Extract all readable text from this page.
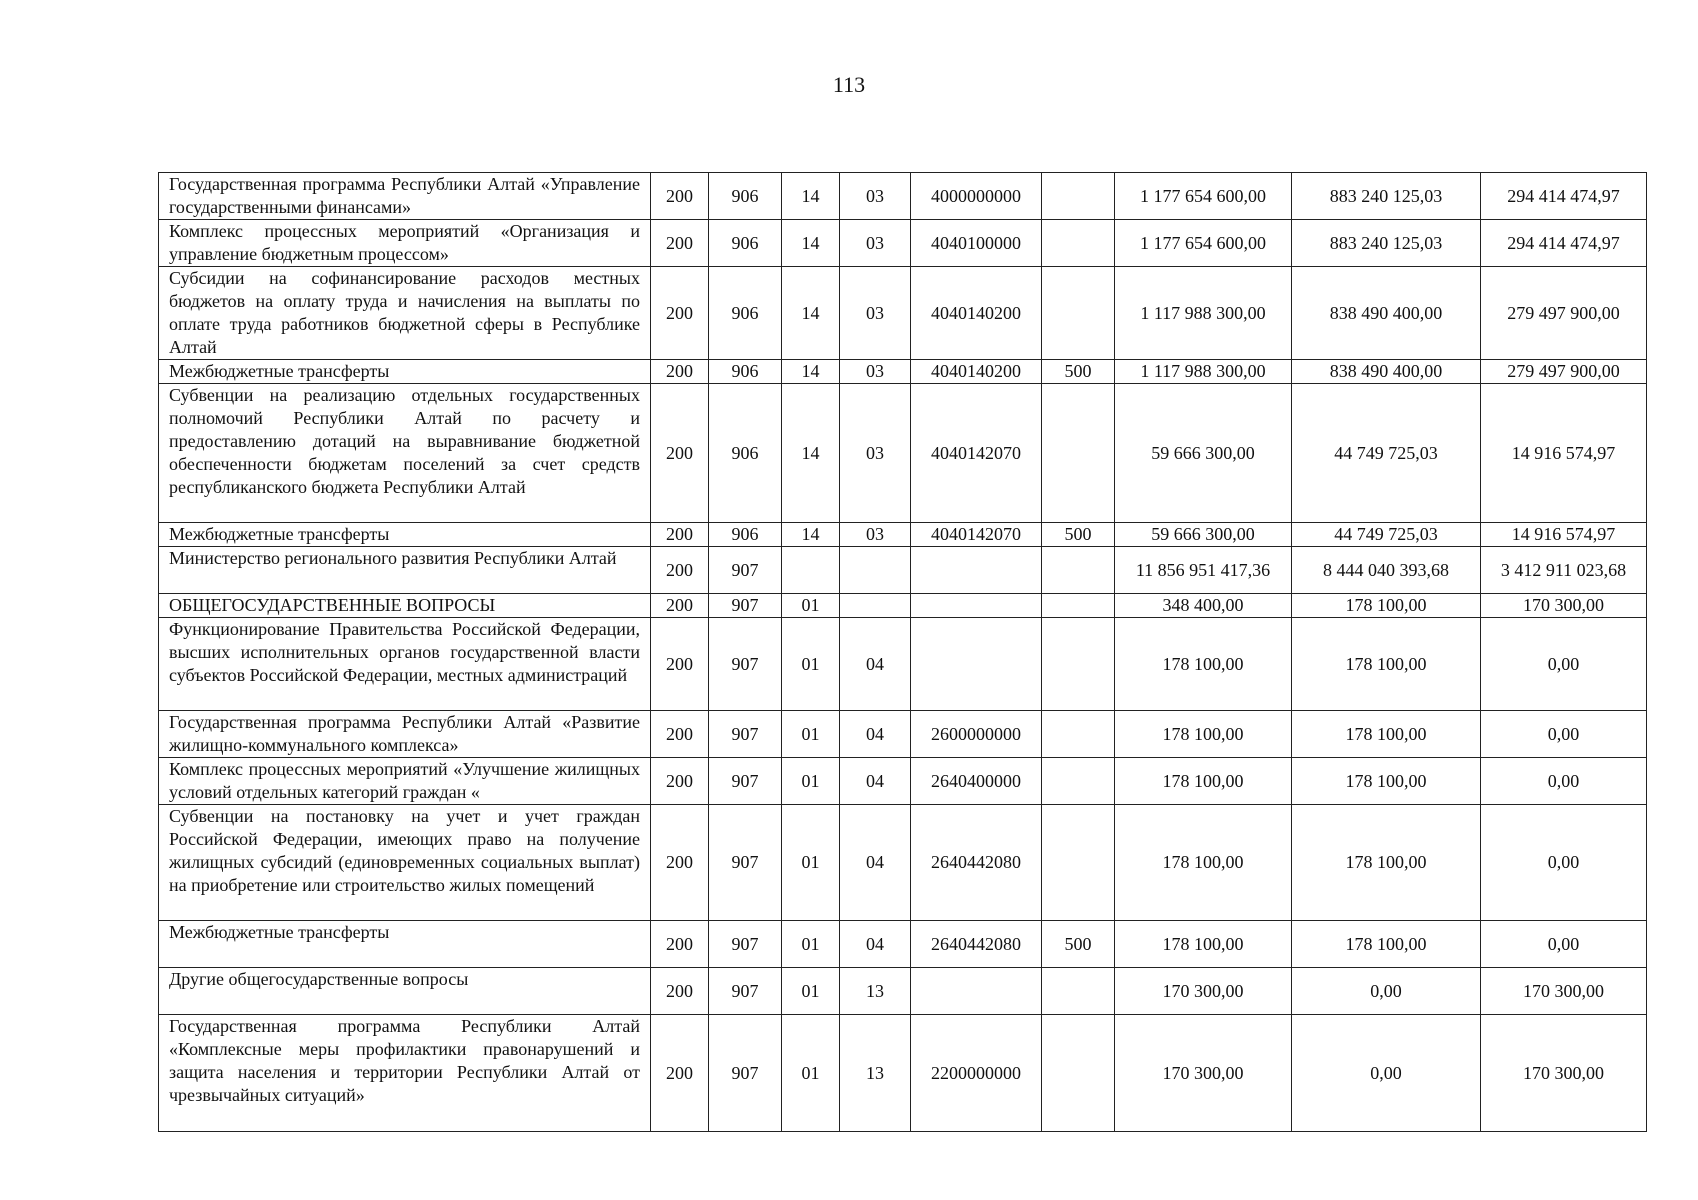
113
Государственная программа Республики Алтай «Управление государственными финансами»	200	906	14	03	4000000000		1 177 654 600,00	883 240 125,03	294 414 474,97
Комплекс процессных мероприятий «Организация и управление бюджетным процессом»	200	906	14	03	4040100000		1 177 654 600,00	883 240 125,03	294 414 474,97
Субсидии на софинансирование расходов местных бюджетов на оплату труда и начисления на выплаты по оплате труда работников бюджетной сферы в Республике Алтай	200	906	14	03	4040140200		1 117 988 300,00	838 490 400,00	279 497 900,00
Межбюджетные трансферты	200	906	14	03	4040140200	500	1 117 988 300,00	838 490 400,00	279 497 900,00
Субвенции на реализацию отдельных государственных полномочий Республики Алтай по расчету и предоставлению дотаций на выравнивание бюджетной обеспеченности бюджетам поселений за счет средств республиканского бюджета Республики Алтай	200	906	14	03	4040142070		59 666 300,00	44 749 725,03	14 916 574,97
Межбюджетные трансферты	200	906	14	03	4040142070	500	59 666 300,00	44 749 725,03	14 916 574,97
Министерство регионального развития Республики Алтай	200	907					11 856 951 417,36	8 444 040 393,68	3 412 911 023,68
ОБЩЕГОСУДАРСТВЕННЫЕ ВОПРОСЫ	200	907	01				348 400,00	178 100,00	170 300,00
Функционирование Правительства Российской Федерации, высших исполнительных органов государственной власти субъектов Российской Федерации, местных администраций	200	907	01	04			178 100,00	178 100,00	0,00
Государственная программа Республики Алтай «Развитие жилищно-коммунального комплекса»	200	907	01	04	2600000000		178 100,00	178 100,00	0,00
Комплекс процессных мероприятий «Улучшение жилищных условий отдельных категорий граждан «	200	907	01	04	2640400000		178 100,00	178 100,00	0,00
Субвенции на постановку на учет и учет граждан Российской Федерации, имеющих право на получение жилищных субсидий (единовременных социальных выплат) на приобретение или строительство жилых помещений	200	907	01	04	2640442080		178 100,00	178 100,00	0,00
Межбюджетные трансферты	200	907	01	04	2640442080	500	178 100,00	178 100,00	0,00
Другие общегосударственные вопросы	200	907	01	13			170 300,00	0,00	170 300,00
Государственная программа Республики Алтай «Комплексные меры профилактики правонарушений и защита населения и территории Республики Алтай от чрезвычайных ситуаций»	200	907	01	13	2200000000		170 300,00	0,00	170 300,00
